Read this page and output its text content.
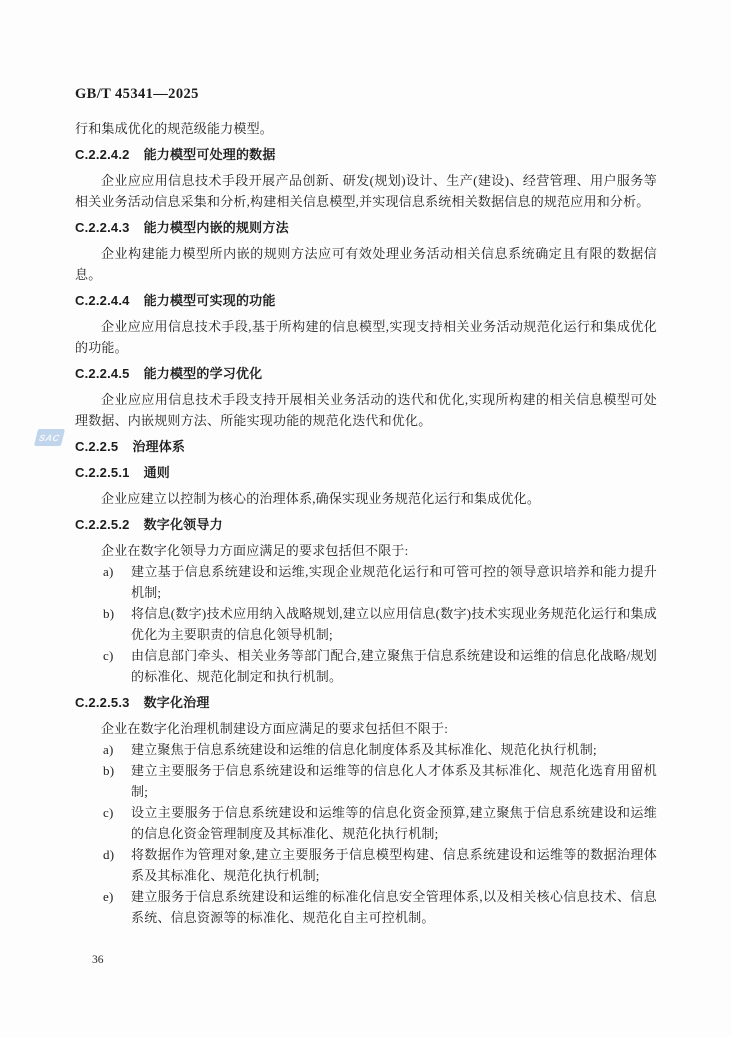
SAC
GB/T 45341—2025
行和集成优化的规范级能力模型。
C.2.2.4.2 能力模型可处理的数据
企业应应用信息技术手段开展产品创新、研发(规划)设计、生产(建设)、经营管理、用户服务等相关业务活动信息采集和分析,构建相关信息模型,并实现信息系统相关数据信息的规范应用和分析。
C.2.2.4.3 能力模型内嵌的规则方法
企业构建能力模型所内嵌的规则方法应可有效处理业务活动相关信息系统确定且有限的数据信息。
C.2.2.4.4 能力模型可实现的功能
企业应应用信息技术手段,基于所构建的信息模型,实现支持相关业务活动规范化运行和集成优化的功能。
C.2.2.4.5 能力模型的学习优化
企业应应用信息技术手段支持开展相关业务活动的迭代和优化,实现所构建的相关信息模型可处理数据、内嵌规则方法、所能实现功能的规范化迭代和优化。
C.2.2.5 治理体系
C.2.2.5.1 通则
企业应建立以控制为核心的治理体系,确保实现业务规范化运行和集成优化。
C.2.2.5.2 数字化领导力
企业在数字化领导力方面应满足的要求包括但不限于:
a)	建立基于信息系统建设和运维,实现企业规范化运行和可管可控的领导意识培养和能力提升机制;
b)	将信息(数字)技术应用纳入战略规划,建立以应用信息(数字)技术实现业务规范化运行和集成优化为主要职责的信息化领导机制;
c)	由信息部门牵头、相关业务等部门配合,建立聚焦于信息系统建设和运维的信息化战略/规划的标准化、规范化制定和执行机制。
C.2.2.5.3 数字化治理
企业在数字化治理机制建设方面应满足的要求包括但不限于:
a)	建立聚焦于信息系统建设和运维的信息化制度体系及其标准化、规范化执行机制;
b)	建立主要服务于信息系统建设和运维等的信息化人才体系及其标准化、规范化选育用留机制;
c)	设立主要服务于信息系统建设和运维等的信息化资金预算,建立聚焦于信息系统建设和运维的信息化资金管理制度及其标准化、规范化执行机制;
d)	将数据作为管理对象,建立主要服务于信息模型构建、信息系统建设和运维等的数据治理体系及其标准化、规范化执行机制;
e)	建立服务于信息系统建设和运维的标准化信息安全管理体系,以及相关核心信息技术、信息系统、信息资源等的标准化、规范化自主可控机制。
36
